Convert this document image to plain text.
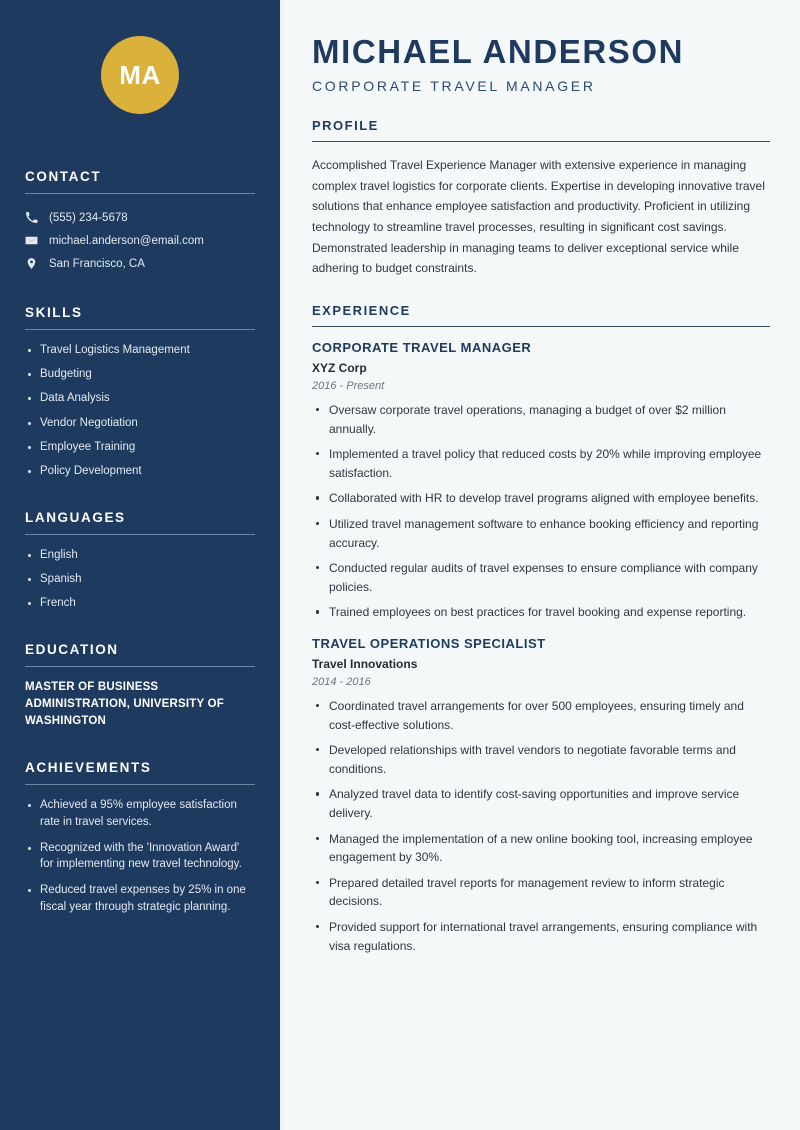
MA
CONTACT
(555) 234-5678
michael.anderson@email.com
San Francisco, CA
SKILLS
Travel Logistics Management
Budgeting
Data Analysis
Vendor Negotiation
Employee Training
Policy Development
LANGUAGES
English
Spanish
French
EDUCATION
MASTER OF BUSINESS ADMINISTRATION, UNIVERSITY OF WASHINGTON
ACHIEVEMENTS
Achieved a 95% employee satisfaction rate in travel services.
Recognized with the 'Innovation Award' for implementing new travel technology.
Reduced travel expenses by 25% in one fiscal year through strategic planning.
MICHAEL ANDERSON
CORPORATE TRAVEL MANAGER
PROFILE

Accomplished Travel Experience Manager with extensive experience in managing complex travel logistics for corporate clients. Expertise in developing innovative travel solutions that enhance employee satisfaction and productivity. Proficient in utilizing technology to streamline travel processes, resulting in significant cost savings. Demonstrated leadership in managing teams to deliver exceptional service while adhering to budget constraints.

EXPERIENCE
CORPORATE TRAVEL MANAGER
XYZ Corp
2016 - Present
Oversaw corporate travel operations, managing a budget of over $2 million annually.
Implemented a travel policy that reduced costs by 20% while improving employee satisfaction.
Collaborated with HR to develop travel programs aligned with employee benefits.
Utilized travel management software to enhance booking efficiency and reporting accuracy.
Conducted regular audits of travel expenses to ensure compliance with company policies.
Trained employees on best practices for travel booking and expense reporting.
TRAVEL OPERATIONS SPECIALIST
Travel Innovations
2014 - 2016
Coordinated travel arrangements for over 500 employees, ensuring timely and cost-effective solutions.
Developed relationships with travel vendors to negotiate favorable terms and conditions.
Analyzed travel data to identify cost-saving opportunities and improve service delivery.
Managed the implementation of a new online booking tool, increasing employee engagement by 30%.
Prepared detailed travel reports for management review to inform strategic decisions.
Provided support for international travel arrangements, ensuring compliance with visa regulations.
